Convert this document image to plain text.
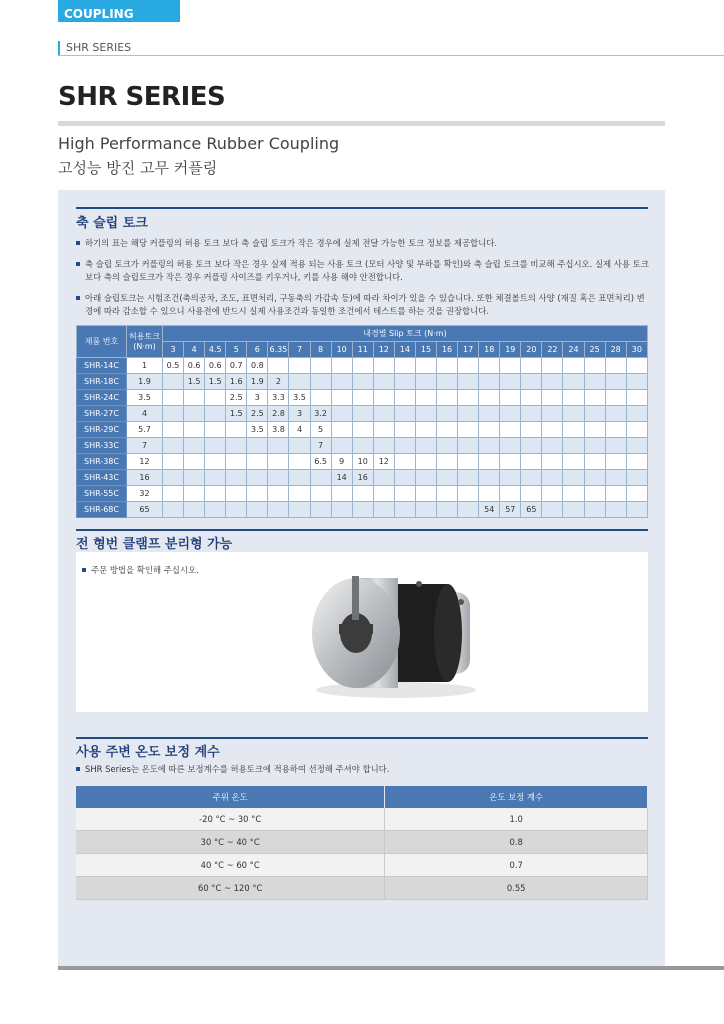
COUPLING
SHR SERIES
SHR SERIES
High Performance Rubber Coupling
고성능 방진 고무 커플링
축 슬립 토크
하기의 표는 해당 커플링의 허용 토크 보다 축 슬립 토크가 작은 경우에 실제 전달 가능한 토크 정보를 제공합니다.
축 슬립 토크가 커플링의 허용 토크 보다 작은 경우 실제 적용 되는 사용 토크 (모터 사양 및 부하를 확인)와 축 슬립 토크를 비교해 주십시오. 실제 사용 토크보다 축의 슬립토크가 작은 경우 커플링 사이즈를 키우거나, 키를 사용 해야 안전합니다.
아래 슬립토크는 시험조건(축의공차, 조도, 표면처리, 구동축의 가감속 등)에 따라 차이가 있을 수 있습니다. 또한 체결볼트의 사양 (재질 혹은 표면처리) 변경에 따라 감소할 수 있으니 사용전에 반드시 실제 사용조건과 동일한 조건에서 테스트를 하는 것을 권장합니다.
제품 번호	허용토크 (N·m)	내경별 Slip 토크 (N·m)																						
		3	4	4.5	5	6	6.35	7	8	10	11	12	14	15	16	17	18	19	20	22	24	25	28	30
SHR-14C	1	0.5	0.6	0.6	0.7	0.8																		
SHR-18C	1.9		1.5	1.5	1.6	1.9	2																	
SHR-24C	3.5				2.5	3	3.3	3.5																
SHR-27C	4				1.5	2.5	2.8	3	3.2															
SHR-29C	5.7					3.5	3.8	4	5															
SHR-33C	7								7															
SHR-38C	12								6.5	9	10	12												
SHR-43C	16									14	16													
SHR-55C	32																							
SHR-68C	65																54	57	65					
전 형번 클램프 분리형 가능
주문 방법을 확인해 주십시오.
사용 주변 온도 보정 계수
SHR Series는 온도에 따른 보정계수를 허용토크에 적용하여 선정해 주셔야 합니다.
주위 온도	온도 보정 계수
-20 °C ~ 30 °C	1.0
30 °C ~ 40 °C	0.8
40 °C ~ 60 °C	0.7
60 °C ~ 120 °C	0.55
